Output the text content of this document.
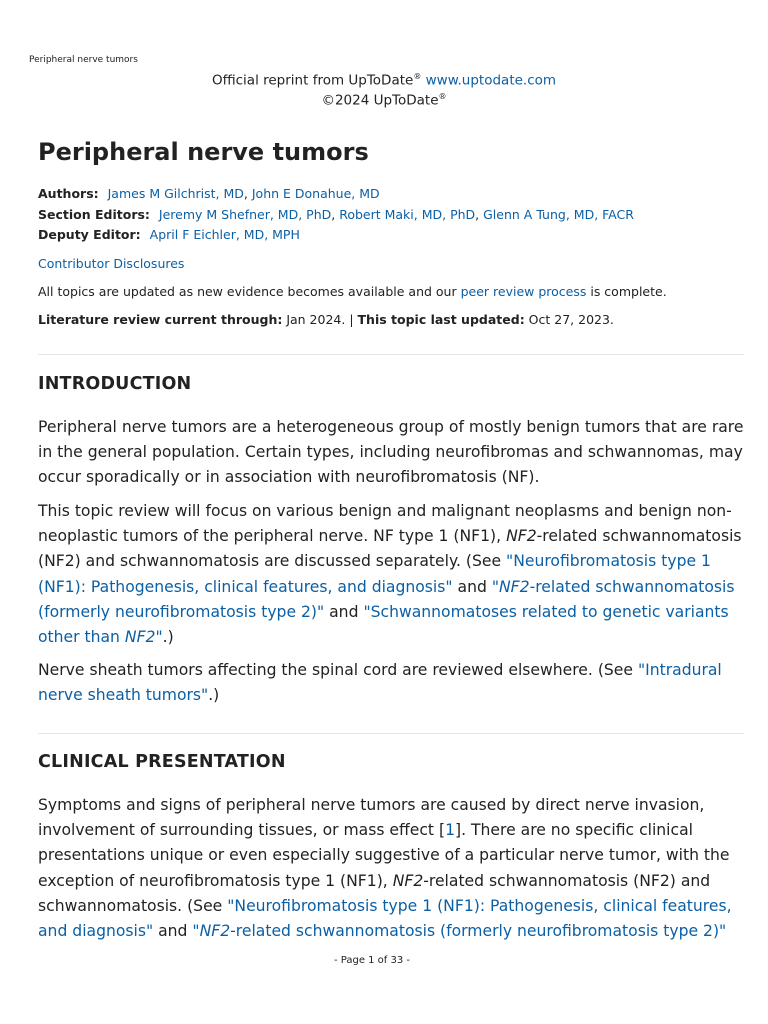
Peripheral nerve tumors
Official reprint from UpToDate® www.uptodate.com
©2024 UpToDate®
Peripheral nerve tumors
Authors: James M Gilchrist, MD, John E Donahue, MD
Section Editors: Jeremy M Shefner, MD, PhD, Robert Maki, MD, PhD, Glenn A Tung, MD, FACR
Deputy Editor: April F Eichler, MD, MPH
Contributor Disclosures
All topics are updated as new evidence becomes available and our peer review process is complete.
Literature review current through: Jan 2024. | This topic last updated: Oct 27, 2023.
INTRODUCTION

Peripheral nerve tumors are a heterogeneous group of mostly benign tumors that are rare in the general population. Certain types, including neurofibromas and schwannomas, may occur sporadically or in association with neurofibromatosis (NF).

This topic review will focus on various benign and malignant neoplasms and benign non-neoplastic tumors of the peripheral nerve. NF type 1 (NF1), NF2-related schwannomatosis (NF2) and schwannomatosis are discussed separately. (See "Neurofibromatosis type 1 (NF1): Pathogenesis, clinical features, and diagnosis" and "NF2-related schwannomatosis (formerly neurofibromatosis type 2)" and "Schwannomatoses related to genetic variants other than NF2".)

Nerve sheath tumors affecting the spinal cord are reviewed elsewhere. (See "Intradural nerve sheath tumors".)

CLINICAL PRESENTATION

Symptoms and signs of peripheral nerve tumors are caused by direct nerve invasion, involvement of surrounding tissues, or mass effect [1]. There are no specific clinical presentations unique or even especially suggestive of a particular nerve tumor, with the exception of neurofibromatosis type 1 (NF1), NF2-related schwannomatosis (NF2) and schwannomatosis. (See "Neurofibromatosis type 1 (NF1): Pathogenesis, clinical features, and diagnosis" and "NF2-related schwannomatosis (formerly neurofibromatosis type 2)"

- Page 1 of 33 -
